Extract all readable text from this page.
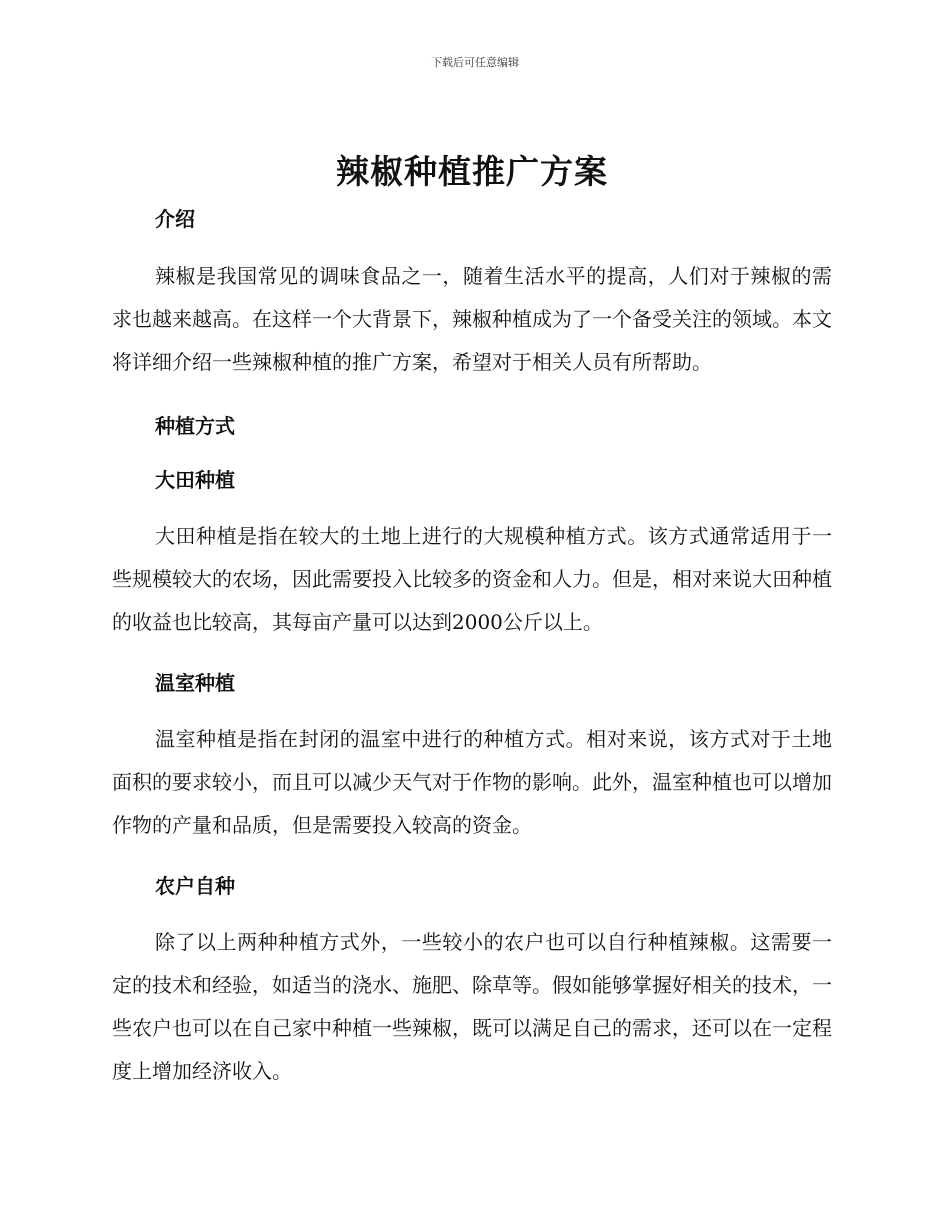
下载后可任意编辑
辣椒种植推广方案
介绍

辣椒是我国常见的调味食品之一，随着生活水平的提高，人们对于辣椒的需求也越来越高。在这样一个大背景下，辣椒种植成为了一个备受关注的领域。本文将详细介绍一些辣椒种植的推广方案，希望对于相关人员有所帮助。

种植方式
大田种植

大田种植是指在较大的土地上进行的大规模种植方式。该方式通常适用于一些规模较大的农场，因此需要投入比较多的资金和人力。但是，相对来说大田种植的收益也比较高，其每亩产量可以达到2000公斤以上。

温室种植

温室种植是指在封闭的温室中进行的种植方式。相对来说，该方式对于土地面积的要求较小，而且可以减少天气对于作物的影响。此外，温室种植也可以增加作物的产量和品质，但是需要投入较高的资金。

农户自种

除了以上两种种植方式外，一些较小的农户也可以自行种植辣椒。这需要一定的技术和经验，如适当的浇水、施肥、除草等。假如能够掌握好相关的技术，一些农户也可以在自己家中种植一些辣椒，既可以满足自己的需求，还可以在一定程度上增加经济收入。
